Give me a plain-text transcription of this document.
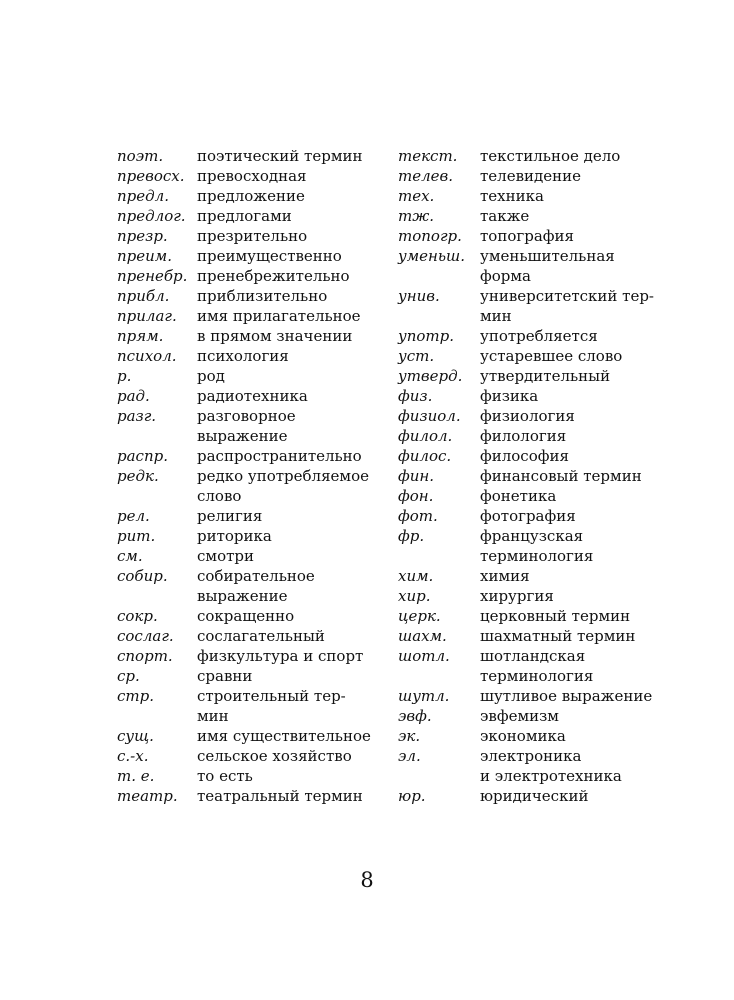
поэт.	поэтический термин
превосх. превосходная
предл.	предложение
предлог. предлогами
презр.	презрительно
преим.	преимущественно
пренебр. пренебрежительно
прибл.	приблизительно
прилаг.	имя прилагательное
прям.	в прямом значении
психол.	психология
р.	род
рад.	радиотехника
разг.	разговорное
выражение
распр.	распространительно
редк.	редко употребляемое
слово
рел.	религия
рит.	риторика
см.	смотри
собир.	собирательное
выражение
сокр.	сокращенно
сослаг.	сослагательный
спорт.	физкультура и спорт
ср.	сравни
стр.	строительный тер-
мин
сущ.	имя существительное
с.-х.	сельское хозяйство
т. е.	то есть
театр.	театральный термин
текст.	текстильное дело
телев.	телевидение
тех.	техника
тж.	также
топогр.	топография
уменьш. уменьшительная
форма
унив.	университетский тер-
мин
употр.	употребляется
уст.	устаревшее слово
утверд.	утвердительный
физ.	физика
физиол.	физиология
филол.	филология
филос.	философия
фин.	финансовый термин
фон.	фонетика
фот.	фотография
фр.	французская
терминология
хим.	химия
хир.	хирургия
церк.	церковный термин
шахм.	шахматный термин
шотл.	шотландская
терминология
шутл.	шутливое выражение
эвф.	эвфемизм
эк.	экономика
эл.	электроника
и электротехника
юр.	юридический
8
